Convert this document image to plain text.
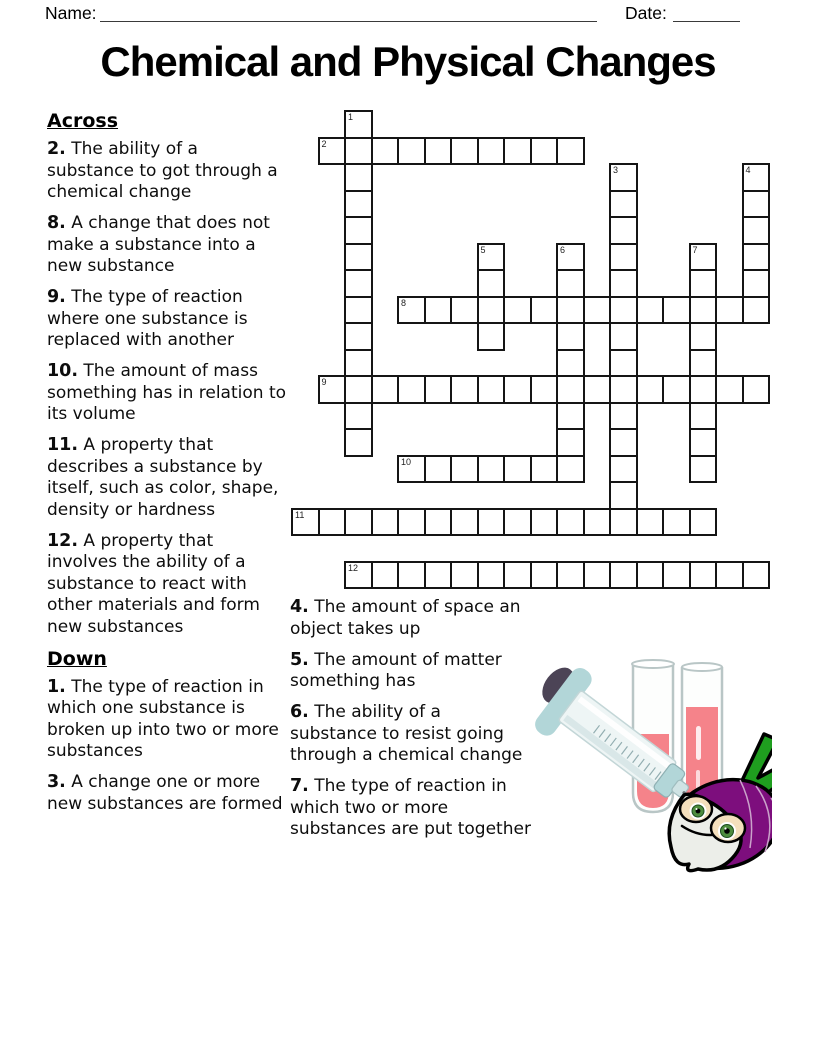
Name:	Date:
Chemical and Physical Changes
1
2
3	4
5	6	7
8
9
10
11
12
Across

2. The ability of a substance to got through a chemical change

8. A change that does not make a substance into a new substance

9. The type of reaction where one substance is replaced with another

10. The amount of mass something has in relation to its volume

11. A property that describes a substance by itself, such as color, shape, density or hardness

12. A property that involves the ability of a substance to react with other materials and form new substances

Down

1. The type of reaction in which one substance is broken up into two or more substances

3. A change one or more new substances are formed

4. The amount of space an object takes up

5. The amount of matter something has

6. The ability of a substance to resist going through a chemical change

7. The type of reaction in which two or more substances are put together
